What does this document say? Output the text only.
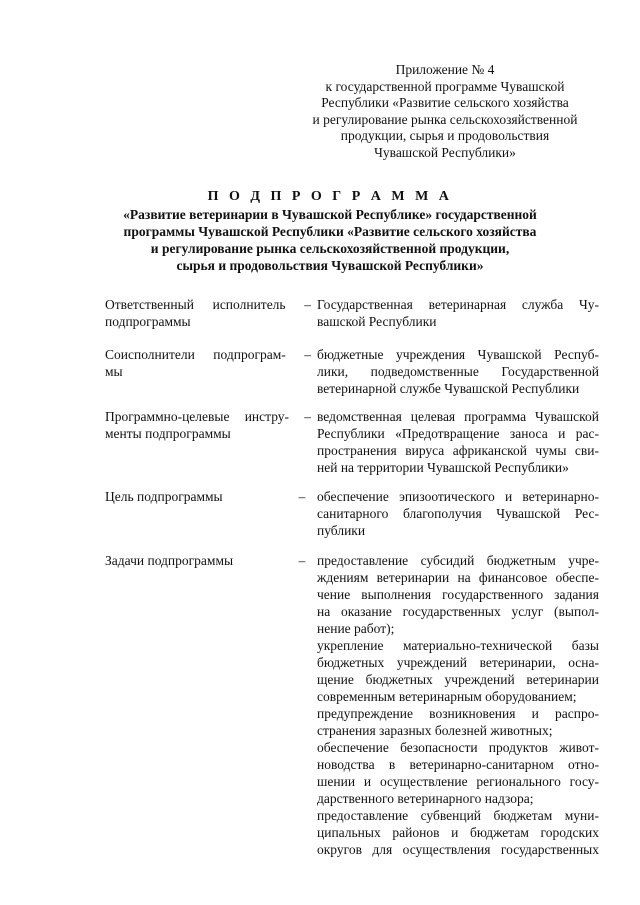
Приложение № 4
к государственной программе Чувашской
Республики «Развитие сельского хозяйства
и регулирование рынка сельскохозяйственной
продукции, сырья и продовольствия
Чувашской Республики»
П О Д П Р О Г Р А М М А
«Развитие ветеринарии в Чувашской Республике» государственной
программы Чувашской Республики «Развитие сельского хозяйства
и регулирование рынка сельскохозяйственной продукции,
сырья и продовольствия Чувашской Республики»
Ответственный исполнитель –
подпрограммы
Государственная ветеринарная служба Чу-
вашской Республики
Соисполнители подпрограм- –
мы
бюджетные учреждения Чувашской Респуб-
лики, подведомственные Государственной
ветеринарной службе Чувашской Республики
Программно-целевые инстру- –
менты подпрограммы
ведомственная целевая программа Чувашской
Республики «Предотвращение заноса и рас-
пространения вируса африканской чумы сви-
ней на территории Чувашской Республики»
Цель подпрограммы	– обеспечение эпизоотического и ветеринарно-
санитарного благополучия Чувашской Рес-
публики
Задачи подпрограммы	– предоставление субсидий бюджетным учре-
ждениям ветеринарии на финансовое обеспе-
чение выполнения государственного задания
на оказание государственных услуг (выпол-
нение работ);
укрепление материально-технической базы
бюджетных учреждений ветеринарии, осна-
щение бюджетных учреждений ветеринарии
современным ветеринарным оборудованием;
предупреждение возникновения и распро-
странения заразных болезней животных;
обеспечение безопасности продуктов живот-
новодства в ветеринарно-санитарном отно-
шении и осуществление регионального госу-
дарственного ветеринарного надзора;
предоставление субвенций бюджетам муни-
ципальных районов и бюджетам городских
округов для осуществления государственных
